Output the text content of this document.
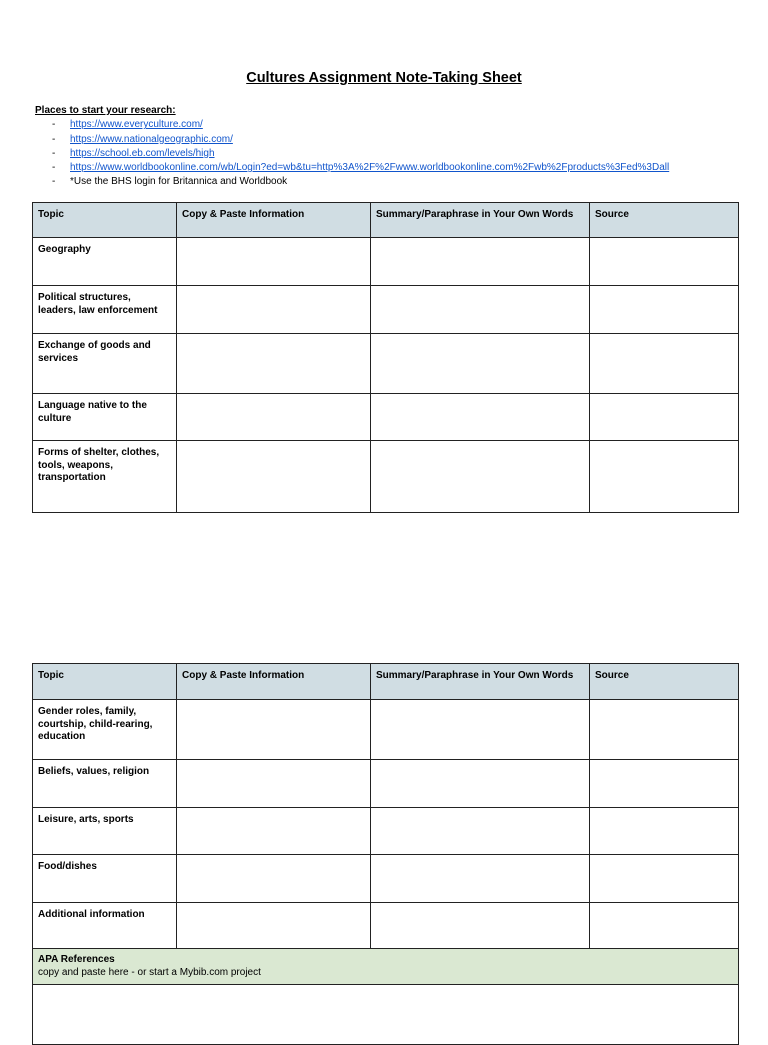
Cultures Assignment Note-Taking Sheet
Places to start your research:
- https://www.everyculture.com/
- https://www.nationalgeographic.com/
- https://school.eb.com/levels/high
- https://www.worldbookonline.com/wb/Login?ed=wb&tu=http%3A%2F%2Fwww.worldbookonline.com%2Fwb%2Fproducts%3Fed%3Dall
- *Use the BHS login for Britannica and Worldbook
Topic	Copy & Paste Information	Summary/Paraphrase in Your Own Words	Source
Geography			
Political structures, leaders, law enforcement			
Exchange of goods and services			
Language native to the culture			
Forms of shelter, clothes, tools, weapons, transportation			
Topic	Copy & Paste Information	Summary/Paraphrase in Your Own Words	Source
Gender roles, family, courtship, child-rearing, education			
Beliefs, values, religion			
Leisure, arts, sports			
Food/dishes			
Additional information			

APA References
copy and paste here - or start a Mybib.com project			
